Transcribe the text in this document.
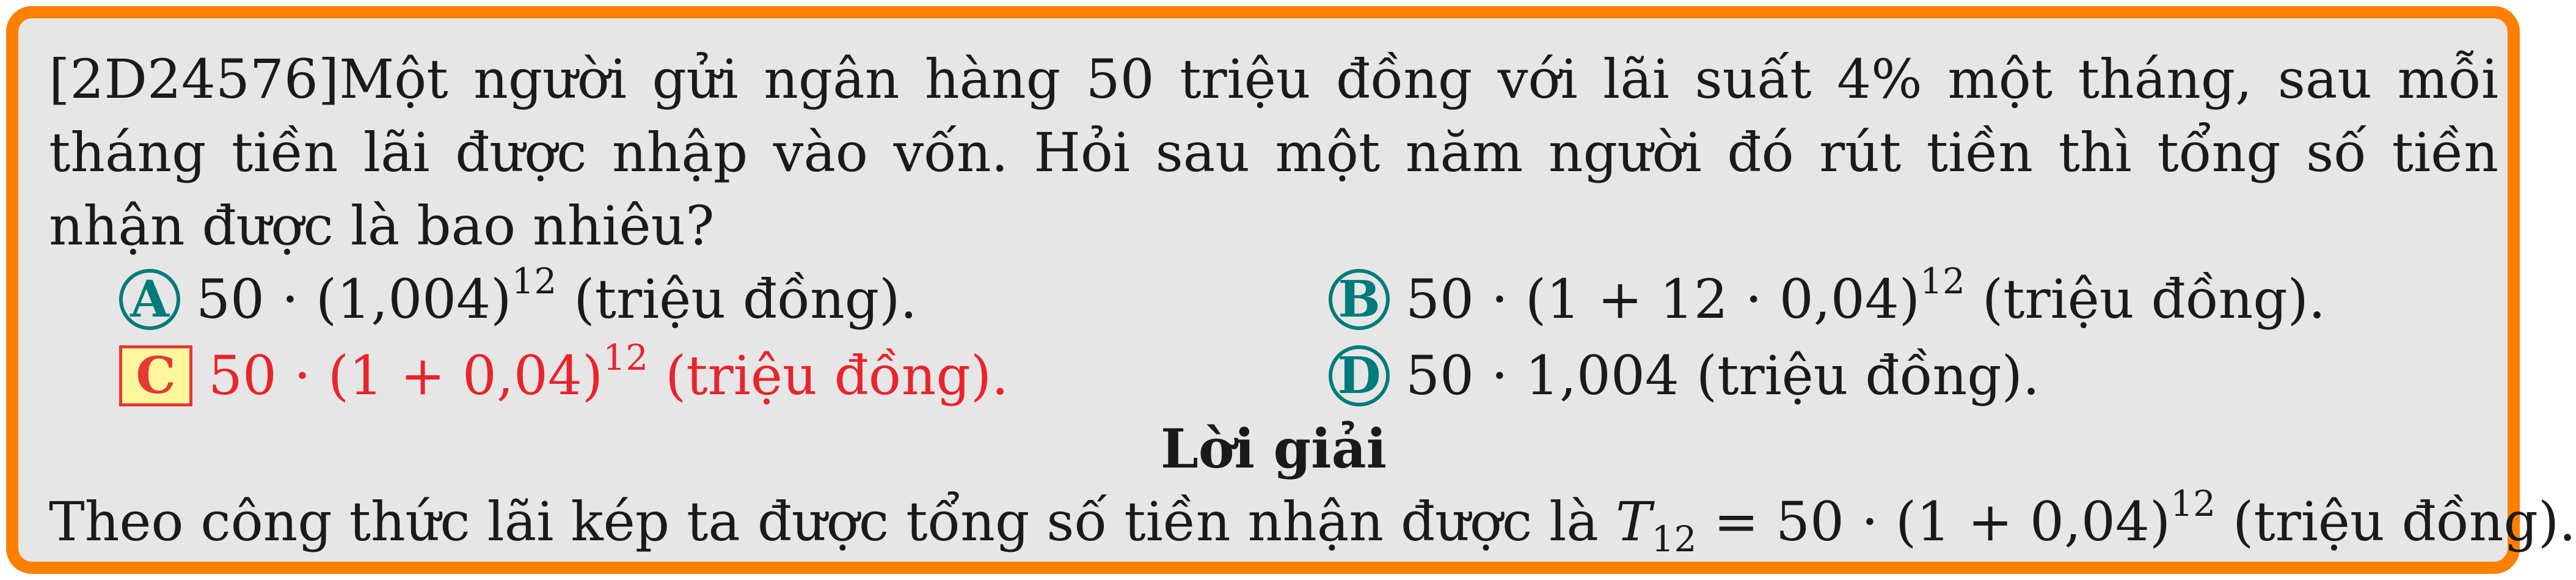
[2D24576]Một người gửi ngân hàng 50 triệu đồng với lãi suất 4% một tháng, sau mỗi tháng tiền lãi được nhập vào vốn. Hỏi sau một năm người đó rút tiền thì tổng số tiền nhận được là bao nhiêu?
A $50 \cdot (1,004)^{12}$ (triệu đồng).	B $50 \cdot (1 + 12 \cdot 0,04)^{12}$ (triệu đồng).
C $50 \cdot (1 + 0,04)^{12}$ (triệu đồng).	D 50 · 1,004 (triệu đồng).
Lời giải
Theo công thức lãi kép ta được tổng số tiền nhận được là $T_{12} = 50 \cdot (1 + 0,04)^{12}$ (triệu đồng).
